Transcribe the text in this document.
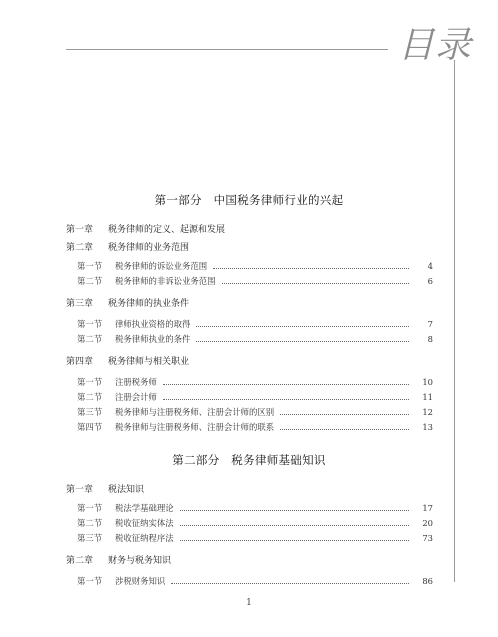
目录
第一部分　中国税务律师行业的兴起
第一章 税务律师的定义、起源和发展
第二章 税务律师的业务范围
第一节	税务律师的诉讼业务范围	4
第二节	税务律师的非诉讼业务范围	6
第三章 税务律师的执业条件
第一节	律师执业资格的取得	7
第二节	税务律师执业的条件	8
第四章 税务律师与相关职业
第一节	注册税务师	10
第二节	注册会计师	11
第三节	税务律师与注册税务师、注册会计师的区别	12
第四节	税务律师与注册税务师、注册会计师的联系	13
第二部分　税务律师基础知识
第一章 税法知识
第一节	税法学基础理论	17
第二节	税收征纳实体法	20
第三节	税收征纳程序法	73
第二章 财务与税务知识
第一节	涉税财务知识	86
1
